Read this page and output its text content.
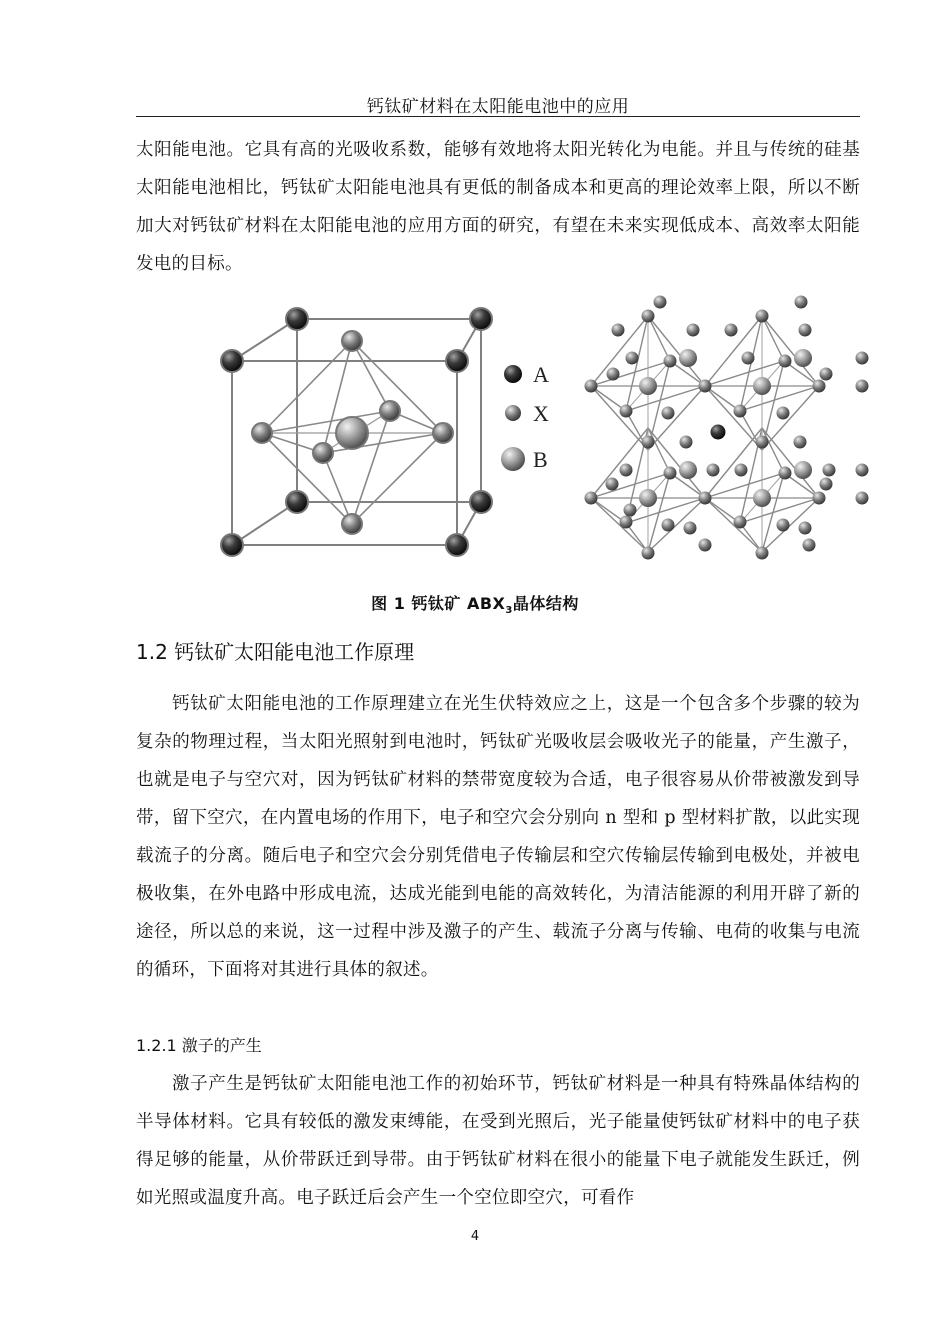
钙钛矿材料在太阳能电池中的应用

太阳能电池。它具有高的光吸收系数，能够有效地将太阳光转化为电能。并且与传统的硅基太阳能电池相比，钙钛矿太阳能电池具有更低的制备成本和更高的理论效率上限，所以不断加大对钙钛矿材料在太阳能电池的应用方面的研究，有望在未来实现低成本、高效率太阳能发电的目标。

A
X
B
图 1 钙钛矿 $ABX_3$晶体结构
1.2 钙钛矿太阳能电池工作原理

钙钛矿太阳能电池的工作原理建立在光生伏特效应之上，这是一个包含多个步骤的较为复杂的物理过程，当太阳光照射到电池时，钙钛矿光吸收层会吸收光子的能量，产生激子，也就是电子与空穴对，因为钙钛矿材料的禁带宽度较为合适，电子很容易从价带被激发到导带，留下空穴，在内置电场的作用下，电子和空穴会分别向 n 型和 p 型材料扩散，以此实现载流子的分离。随后电子和空穴会分别凭借电子传输层和空穴传输层传输到电极处，并被电极收集，在外电路中形成电流，达成光能到电能的高效转化，为清洁能源的利用开辟了新的途径，所以总的来说，这一过程中涉及激子的产生、载流子分离与传输、电荷的收集与电流的循环，下面将对其进行具体的叙述。

1.2.1 激子的产生

激子产生是钙钛矿太阳能电池工作的初始环节，钙钛矿材料是一种具有特殊晶体结构的半导体材料。它具有较低的激发束缚能，在受到光照后，光子能量使钙钛矿材料中的电子获得足够的能量，从价带跃迁到导带。由于钙钛矿材料在很小的能量下电子就能发生跃迁，例如光照或温度升高。电子跃迁后会产生一个空位即空穴，可看作

4
